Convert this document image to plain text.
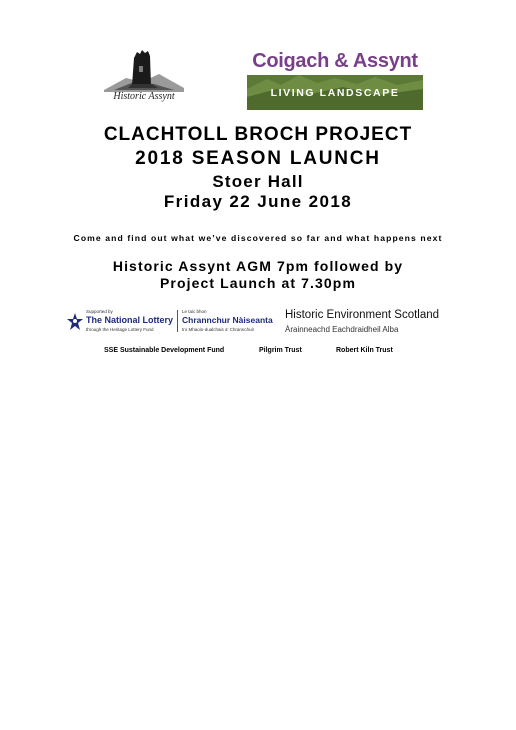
Historic Assynt
Coigach & Assynt
LIVING LANDSCAPE
CLACHTOLL BROCH PROJECT
2018 SEASON LAUNCH
Stoer Hall
Friday 22 June 2018
Come and find out what we’ve discovered so far and what happens next
Historic Assynt AGM 7pm followed by
Project Launch at 7.30pm
Supported by
The National Lottery
through the Heritage Lottery Fund
Le taic bhon
Chrannchur Nàiseanta
tro Mhaoin-dualchais a' Chrannchuir
Historic Environment Scotland
Àrainneachd Eachdraidheil Alba
SSE Sustainable Development Fund	Pilgrim Trust	Robert Kiln Trust
